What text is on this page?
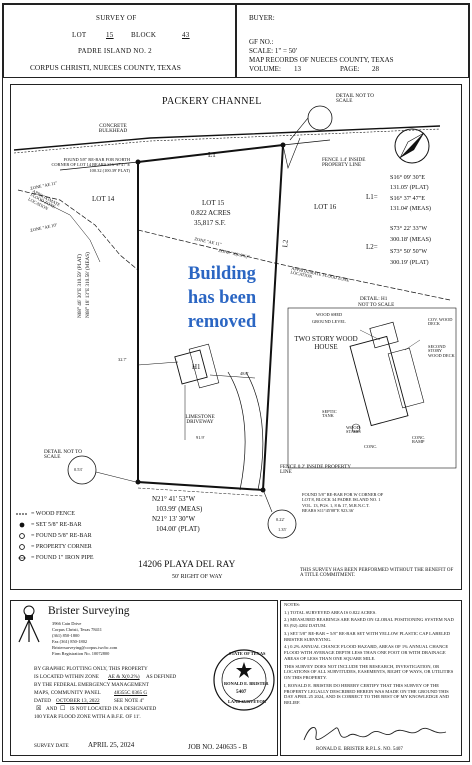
SURVEY OF
LOT	15 BLOCK	43
PADRE ISLAND NO. 2
CORPUS CHRISTI, NUECES COUNTY, TEXAS
BUYER:
GF NO.:
SCALE: 1" = 50'
MAP RECORDS OF NUECES COUNTY, TEXAS
VOLUME: 13	PAGE: 28
PACKERY CHANNEL
CONCRETE BULKHEAD
DETAIL NOT TO SCALE
FOUND 5/8" RE-BAR FOR NORTH CORNER OF LOT 14 BEARS S16°37'47"E 100.32 (100.39' PLAT)
FENCE 1.4' INSIDE PROPERTY LINE
L1
L2
L1=
S16° 09' 30"E
131.05' (PLAT)
S16° 37' 47"E
131.04' (MEAS)
L2=
S73° 22' 33"W
300.18' (MEAS)
S73° 50' 50"W
300.19' (PLAT)
LOT 14
LOT 16
LOT 15
0.822 ACRES
35,817 S.F.
ZONE "AE 11"
APPROXIMATE FLOOD ZONE LOCATION
ZONE "AE 10"
ZONE "AE 11"
ZONE "X(0.2%)"
APPROXIMATE FLOOD ZONE LOCATION
N68° 46' 30"E 310.59' (PLAT) N68° 18' 13"E 310.58' (MEAS)
32.7'
48.0'
91.9'
H1
LIMESTONE DRIVEWAY
DETAIL: H1
NOT TO SCALE
WOOD SHED
GROUND LEVEL	COV. WOOD DECK
TWO STORY WOOD HOUSE	SECOND STORY WOOD DECK
SEPTIC TANK
WOOD STAIRS
CONC.
CONC. RAMP
DETAIL NOT TO SCALE
0.53'	FENCE 0.2' INSIDE PROPERTY LINE
N21° 41' 53"W
103.99' (MEAS)
N21° 13' 30"W
104.00' (PLAT)
FOUND 5/8" RE-BAR FOR W CORNER OF LOT 8, BLOCK 34 PADRE ISLAND NO. 1 VOL. 13, PGS. 1, 8 & 17, M.R.N.C.T. BEARS S11°45'08"E 923.36'
0.22'
1.35'
= WOOD FENCE
= SET 5/8" RE-BAR
= FOUND 5/8" RE-BAR
= PROPERTY CORNER
= FOUND 1" IRON PIPE
14206 PLAYA DEL RAY
50' RIGHT OF WAY
THIS SURVEY HAS BEEN PERFORMED WITHOUT THE BENEFIT OF A TITLE COMMITMENT.
Building
has been
removed
Brister Surveying
3966 Cain Drive
Corpus Christi, Texas 78411
(361) 850-1800
Fax (361) 850-1802
Bristersurveying@corpus.twcbc.com
Firm Registration No. 10072800
BY GRAPHIC PLOTTING ONLY, THIS PROPERTY
IS LOCATED WITHIN ZONE AE & X(0.2%) AS DEFINED
BY THE FEDERAL EMERGENCY MANAGEMENT
MAPS, COMMUNITY PANEL	48355C 0365 G
DATED OCTOBER 13, 2022	SEE NOTE 4"
☒ AND ☐ IS NOT LOCATED IN A DESIGNATED
100 YEAR FLOOD ZONE WITH A B.F.E. OF 11'.
SURVEY DATE	APRIL 25, 2024	JOB NO. 240635 - B
STATE OF TEXAS
RONALD E. BRISTER
5407
LAND SURVEYOR

NOTES:

1.) TOTAL SURVEYED AREA IS 0.822 ACRES.

2.) MEASURED BEARINGS ARE BASED ON GLOBAL POSITIONING SYSTEM NAD 83 (92) 4202 DATUM.

3.) SET 5/8" RE-BAR = 5/8" RE-BAR SET WITH YELLOW PLASTIC CAP LABELED BRISTER SURVEYING.

4.) 0.2% ANNUAL CHANCE FLOOD HAZARD, AREAS OF 1% ANNUAL CHANCE FLOOD WITH AVERAGE DEPTH LESS THAN ONE FOOT OR WITH DRAINAGE AREAS OF LESS THAN ONE SQUARE MILE.

THIS SURVEY DOES NOT INCLUDE THE RESEARCH, INVESTIGATION, OR LOCATIONS OF ALL SURVITUDES, EASEMENTS, RIGHT OF WAYS, OR UTILITIES ON THIS PROPERTY.

I, RONALD E. BRISTER DO HEREBY CERTIFY THAT THIS SURVEY OF THE PROPERTY LEGALLY DESCRIBED HEREIN WAS MADE ON THE GROUND THIS DAY APRIL 25 2024, AND IS CORRECT TO THE BEST OF MY KNOWLEDGE AND BELIEF.

RONALD E. BRISTER R.P.L.S. NO. 5407
